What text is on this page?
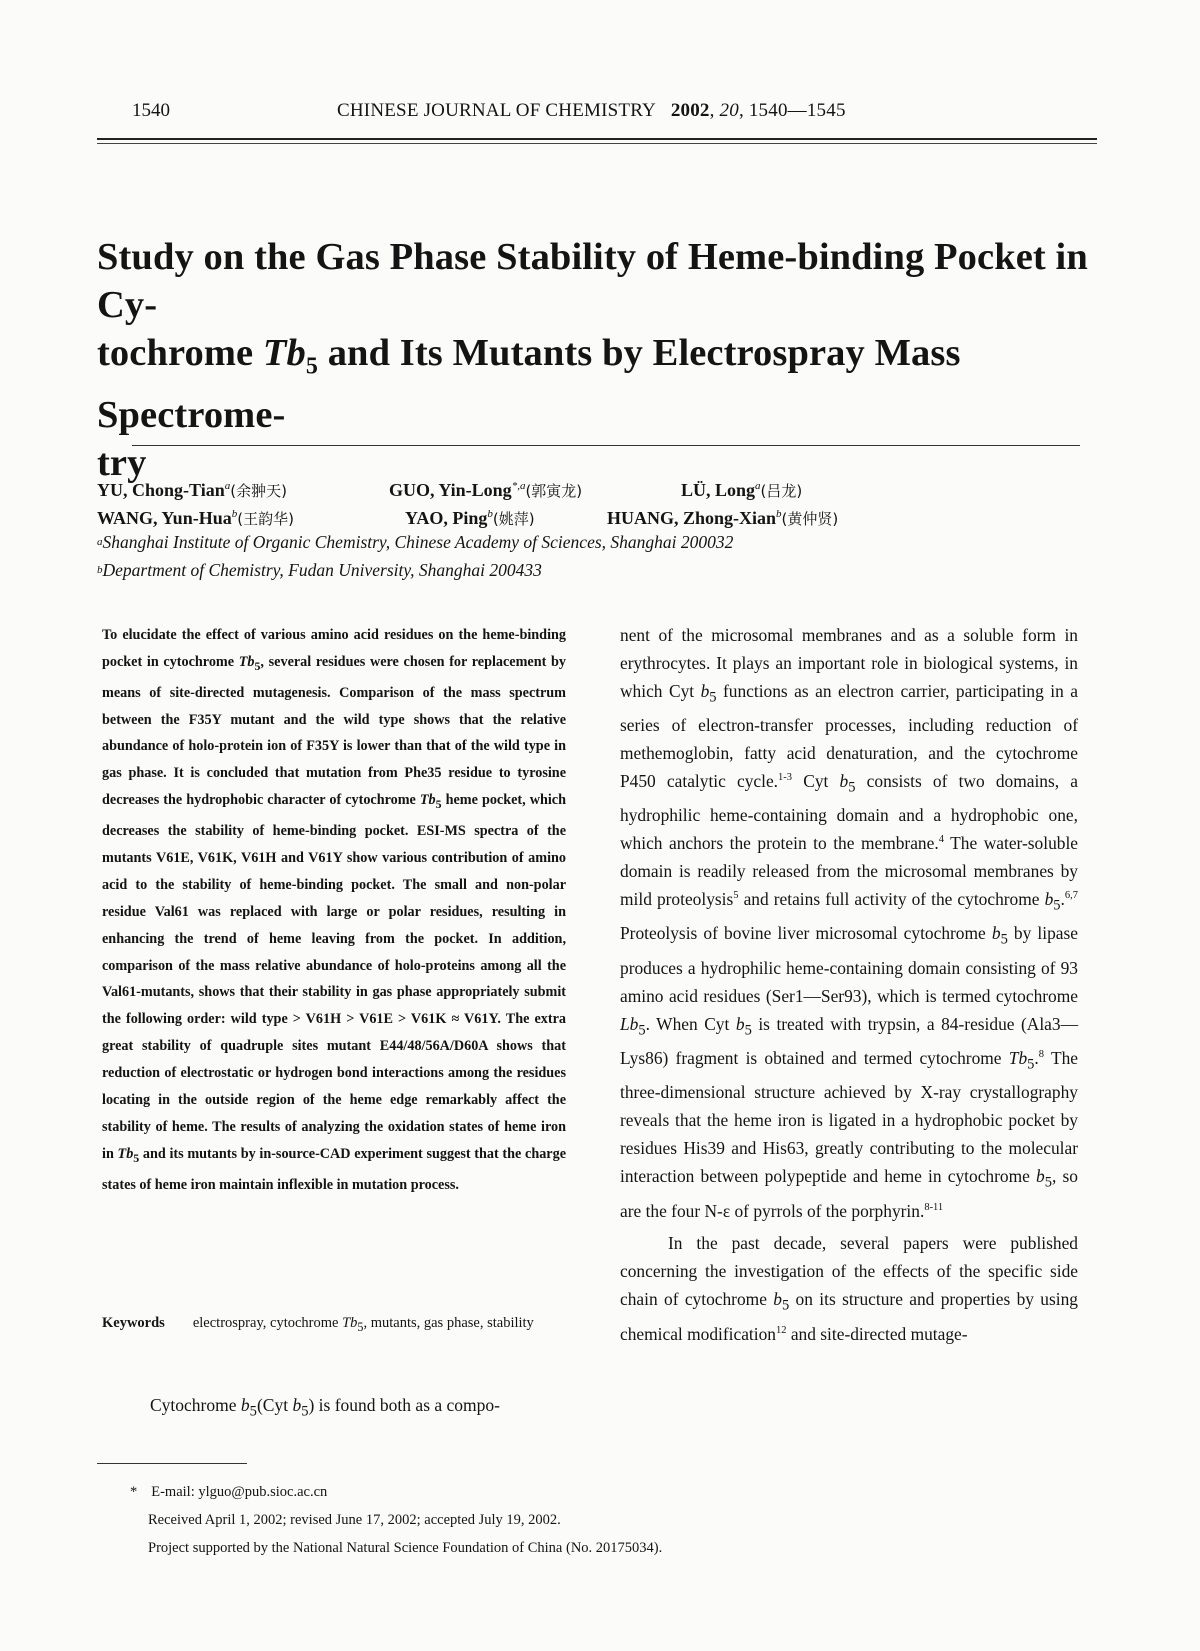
1540	CHINESE JOURNAL OF CHEMISTRY 2002, 20, 1540—1545
Study on the Gas Phase Stability of Heme-binding Pocket in Cy-
tochrome $Tb_5$ and Its Mutants by Electrospray Mass Spectrome-
try
YU, Chong-Tian$^a$(余翀天)	GUO, Yin-Long$^{*,a}$(郭寅龙)	LÜ, Long$^a$(吕龙)
WANG, Yun-Hua$^b$(王韵华)	YAO, Ping$^b$(姚萍)	HUANG, Zhong-Xian$^b$(黄仲贤)
$^a$ Shanghai Institute of Organic Chemistry, Chinese Academy of Sciences, Shanghai 200032
$^b$ Department of Chemistry, Fudan University, Shanghai 200433
To elucidate the effect of various amino acid residues on the heme-binding pocket in cytochrome $Tb_5$, several residues were chosen for replacement by means of site-directed mutagenesis. Comparison of the mass spectrum between the F35Y mutant and the wild type shows that the relative abundance of holo-protein ion of F35Y is lower than that of the wild type in gas phase. It is concluded that mutation from Phe35 residue to tyrosine decreases the hydrophobic character of cytochrome $Tb_5$ heme pocket, which decreases the stability of heme-binding pocket. ESI-MS spectra of the mutants V61E, V61K, V61H and V61Y show various contribution of amino acid to the stability of heme-binding pocket. The small and non-polar residue Val61 was replaced with large or polar residues, resulting in enhancing the trend of heme leaving from the pocket. In addition, comparison of the mass relative abundance of holo-proteins among all the Val61-mutants, shows that their stability in gas phase appropriately submit the following order: wild type > V61H > V61E > V61K ≈ V61Y. The extra great stability of quadruple sites mutant E44/48/56A/D60A shows that reduction of electrostatic or hydrogen bond interactions among the residues locating in the outside region of the heme edge remarkably affect the stability of heme. The results of analyzing the oxidation states of heme iron in $Tb_5$ and its mutants by in-source-CAD experiment suggest that the charge states of heme iron maintain inflexible in mutation process.
Keywords electrospray, cytochrome $Tb_5$, mutants, gas phase, stability
Cytochrome $b_5(Cyt$ $b_5$) is found both as a compo-

nent of the microsomal membranes and as a soluble form in erythrocytes. It plays an important role in biological systems, in which Cyt $b_5$ functions as an electron carrier, participating in a series of electron-transfer processes, including reduction of methemoglobin, fatty acid denaturation, and the cytochrome P450 catalytic cycle.$^{1-3}$ Cyt $b_5$ consists of two domains, a hydrophilic heme-containing domain and a hydrophobic one, which anchors the protein to the membrane.$^4$ The water-soluble domain is readily released from the microsomal membranes by mild proteolysis$^5$ and retains full activity of the cytochrome $b_5.^{6,7}$ Proteolysis of bovine liver microsomal cytochrome $b_5$ by lipase produces a hydrophilic heme-containing domain consisting of 93 amino acid residues (Ser1—Ser93), which is termed cytochrome $Lb_5$. When Cyt $b_5$ is treated with trypsin, a 84-residue (Ala3—Lys86) fragment is obtained and termed cytochrome $Tb_5.^8$ The three-dimensional structure achieved by X-ray crystallography reveals that the heme iron is ligated in a hydrophobic pocket by residues His39 and His63, greatly contributing to the molecular interaction between polypeptide and heme in cytochrome $b_5$, so are the four N-ε of pyrrols of the porphyrin.$^{8-11}$

In the past decade, several papers were published concerning the investigation of the effects of the specific side chain of cytochrome $b_5$ on its structure and properties by using chemical modification$^{12}$ and site-directed mutage-

* E-mail: ylguo@pub.sioc.ac.cn
Received April 1, 2002; revised June 17, 2002; accepted July 19, 2002.
Project supported by the National Natural Science Foundation of China (No. 20175034).
